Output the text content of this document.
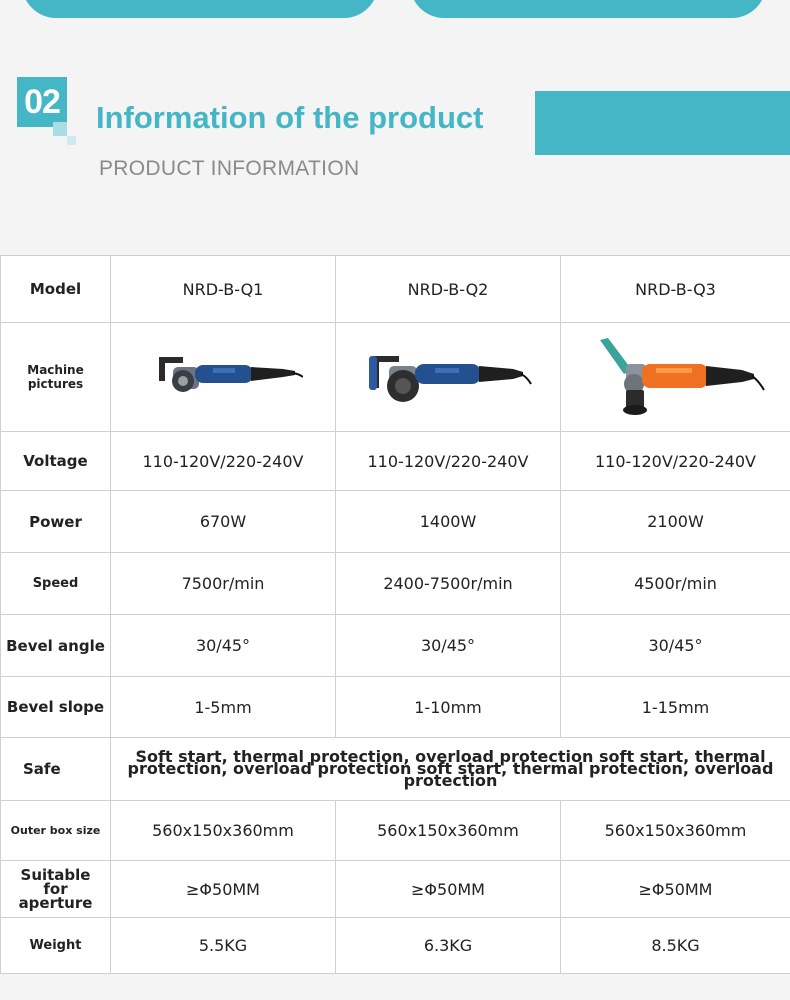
02 Information of the product
PRODUCT INFORMATION
Model	NRD-B-Q1	NRD-B-Q2	NRD-B-Q3
Machine pictures	

Voltage	110-120V/220-240V	110-120V/220-240V	110-120V/220-240V
Power	670W	1400W	2100W
Speed	7500r/min	2400-7500r/min	4500r/min
Bevel angle	30/45°	30/45°	30/45°
Bevel slope	1-5mm	1-10mm	1-15mm
Safe	Soft start, thermal protection, overload protection soft start, thermal protection, overload protection soft start, thermal protection, overload protection		
Outer box size	560x150x360mm	560x150x360mm	560x150x360mm
Suitable for aperture	≥Φ50MM	≥Φ50MM	≥Φ50MM
Weight	5.5KG	6.3KG	8.5KG
